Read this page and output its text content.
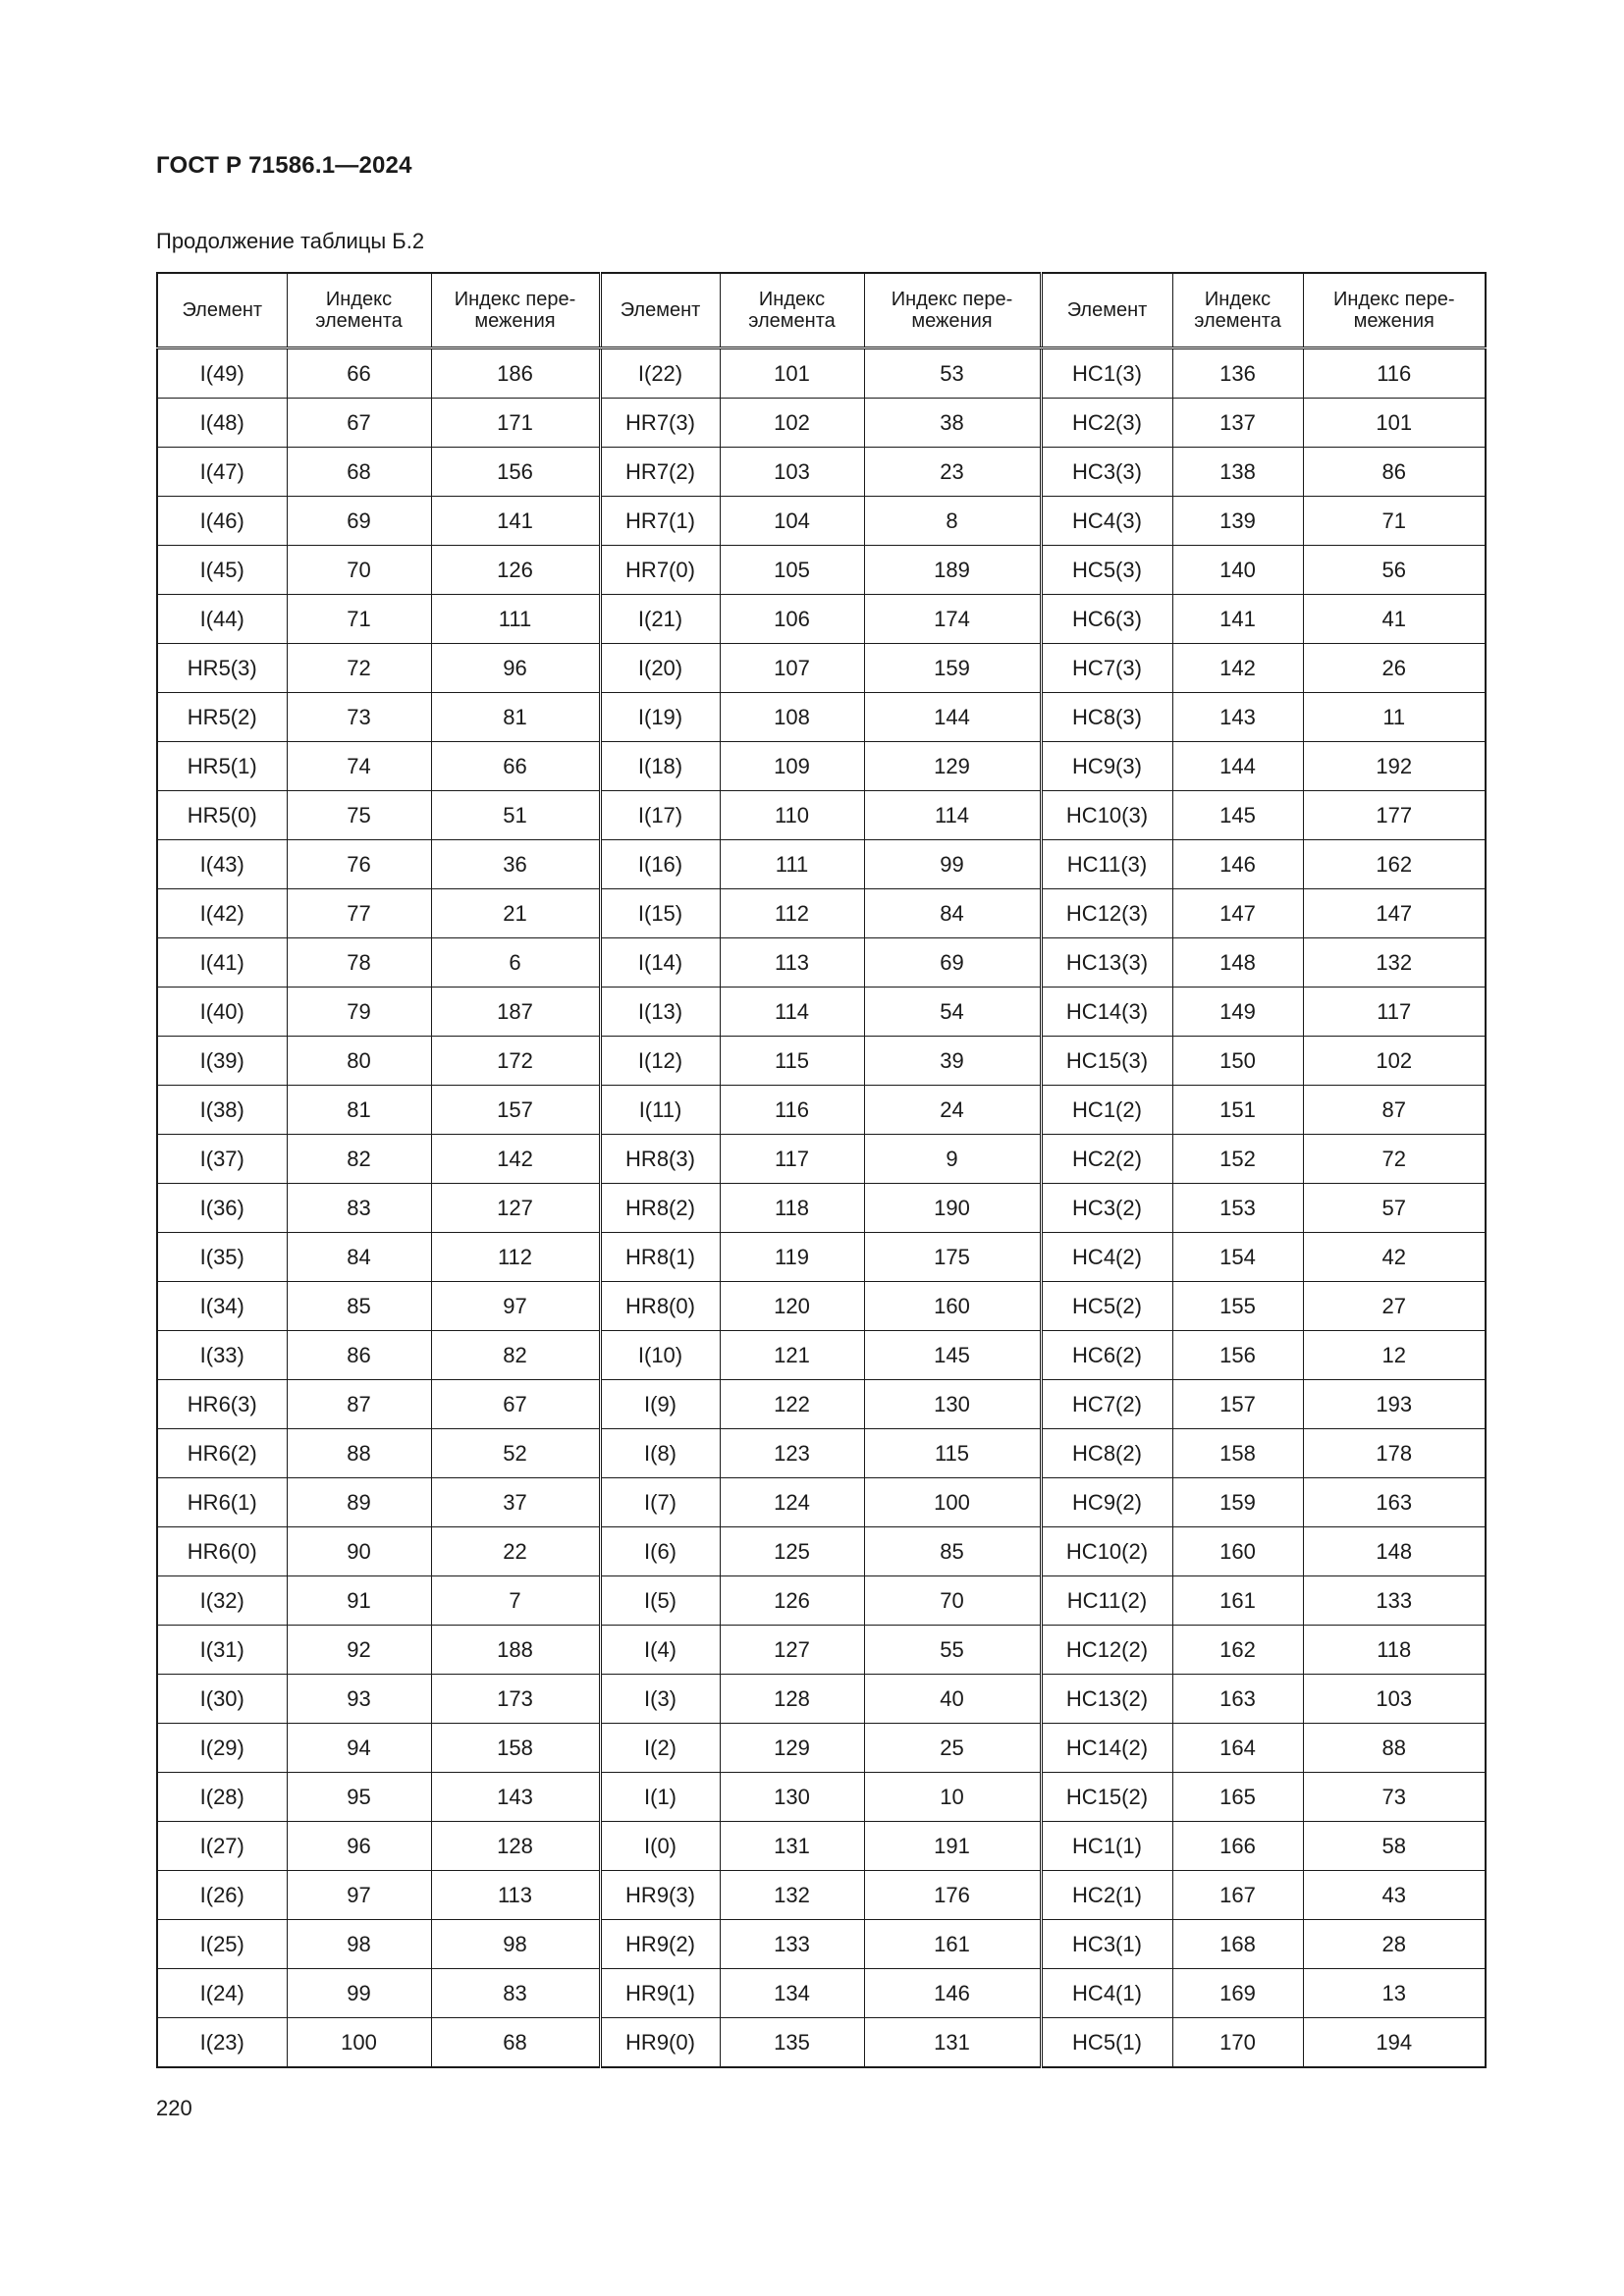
ГОСТ Р 71586.1—2024
Продолжение таблицы Б.2
Элемент	Индекс элемента	Индекс пере-межения	Элемент	Индекс элемента	Индекс пере-межения	Элемент	Индекс элемента	Индекс пере-межения
I(49)	66	186	I(22)	101	53	HC1(3)	136	116
I(48)	67	171	HR7(3)	102	38	HC2(3)	137	101
I(47)	68	156	HR7(2)	103	23	HC3(3)	138	86
I(46)	69	141	HR7(1)	104	8	HC4(3)	139	71
I(45)	70	126	HR7(0)	105	189	HC5(3)	140	56
I(44)	71	111	I(21)	106	174	HC6(3)	141	41
HR5(3)	72	96	I(20)	107	159	HC7(3)	142	26
HR5(2)	73	81	I(19)	108	144	HC8(3)	143	11
HR5(1)	74	66	I(18)	109	129	HC9(3)	144	192
HR5(0)	75	51	I(17)	110	114	HC10(3)	145	177
I(43)	76	36	I(16)	111	99	HC11(3)	146	162
I(42)	77	21	I(15)	112	84	HC12(3)	147	147
I(41)	78	6	I(14)	113	69	HC13(3)	148	132
I(40)	79	187	I(13)	114	54	HC14(3)	149	117
I(39)	80	172	I(12)	115	39	HC15(3)	150	102
I(38)	81	157	I(11)	116	24	HC1(2)	151	87
I(37)	82	142	HR8(3)	117	9	HC2(2)	152	72
I(36)	83	127	HR8(2)	118	190	HC3(2)	153	57
I(35)	84	112	HR8(1)	119	175	HC4(2)	154	42
I(34)	85	97	HR8(0)	120	160	HC5(2)	155	27
I(33)	86	82	I(10)	121	145	HC6(2)	156	12
HR6(3)	87	67	I(9)	122	130	HC7(2)	157	193
HR6(2)	88	52	I(8)	123	115	HC8(2)	158	178
HR6(1)	89	37	I(7)	124	100	HC9(2)	159	163
HR6(0)	90	22	I(6)	125	85	HC10(2)	160	148
I(32)	91	7	I(5)	126	70	HC11(2)	161	133
I(31)	92	188	I(4)	127	55	HC12(2)	162	118
I(30)	93	173	I(3)	128	40	HC13(2)	163	103
I(29)	94	158	I(2)	129	25	HC14(2)	164	88
I(28)	95	143	I(1)	130	10	HC15(2)	165	73
I(27)	96	128	I(0)	131	191	HC1(1)	166	58
I(26)	97	113	HR9(3)	132	176	HC2(1)	167	43
I(25)	98	98	HR9(2)	133	161	HC3(1)	168	28
I(24)	99	83	HR9(1)	134	146	HC4(1)	169	13
I(23)	100	68	HR9(0)	135	131	HC5(1)	170	194
220
